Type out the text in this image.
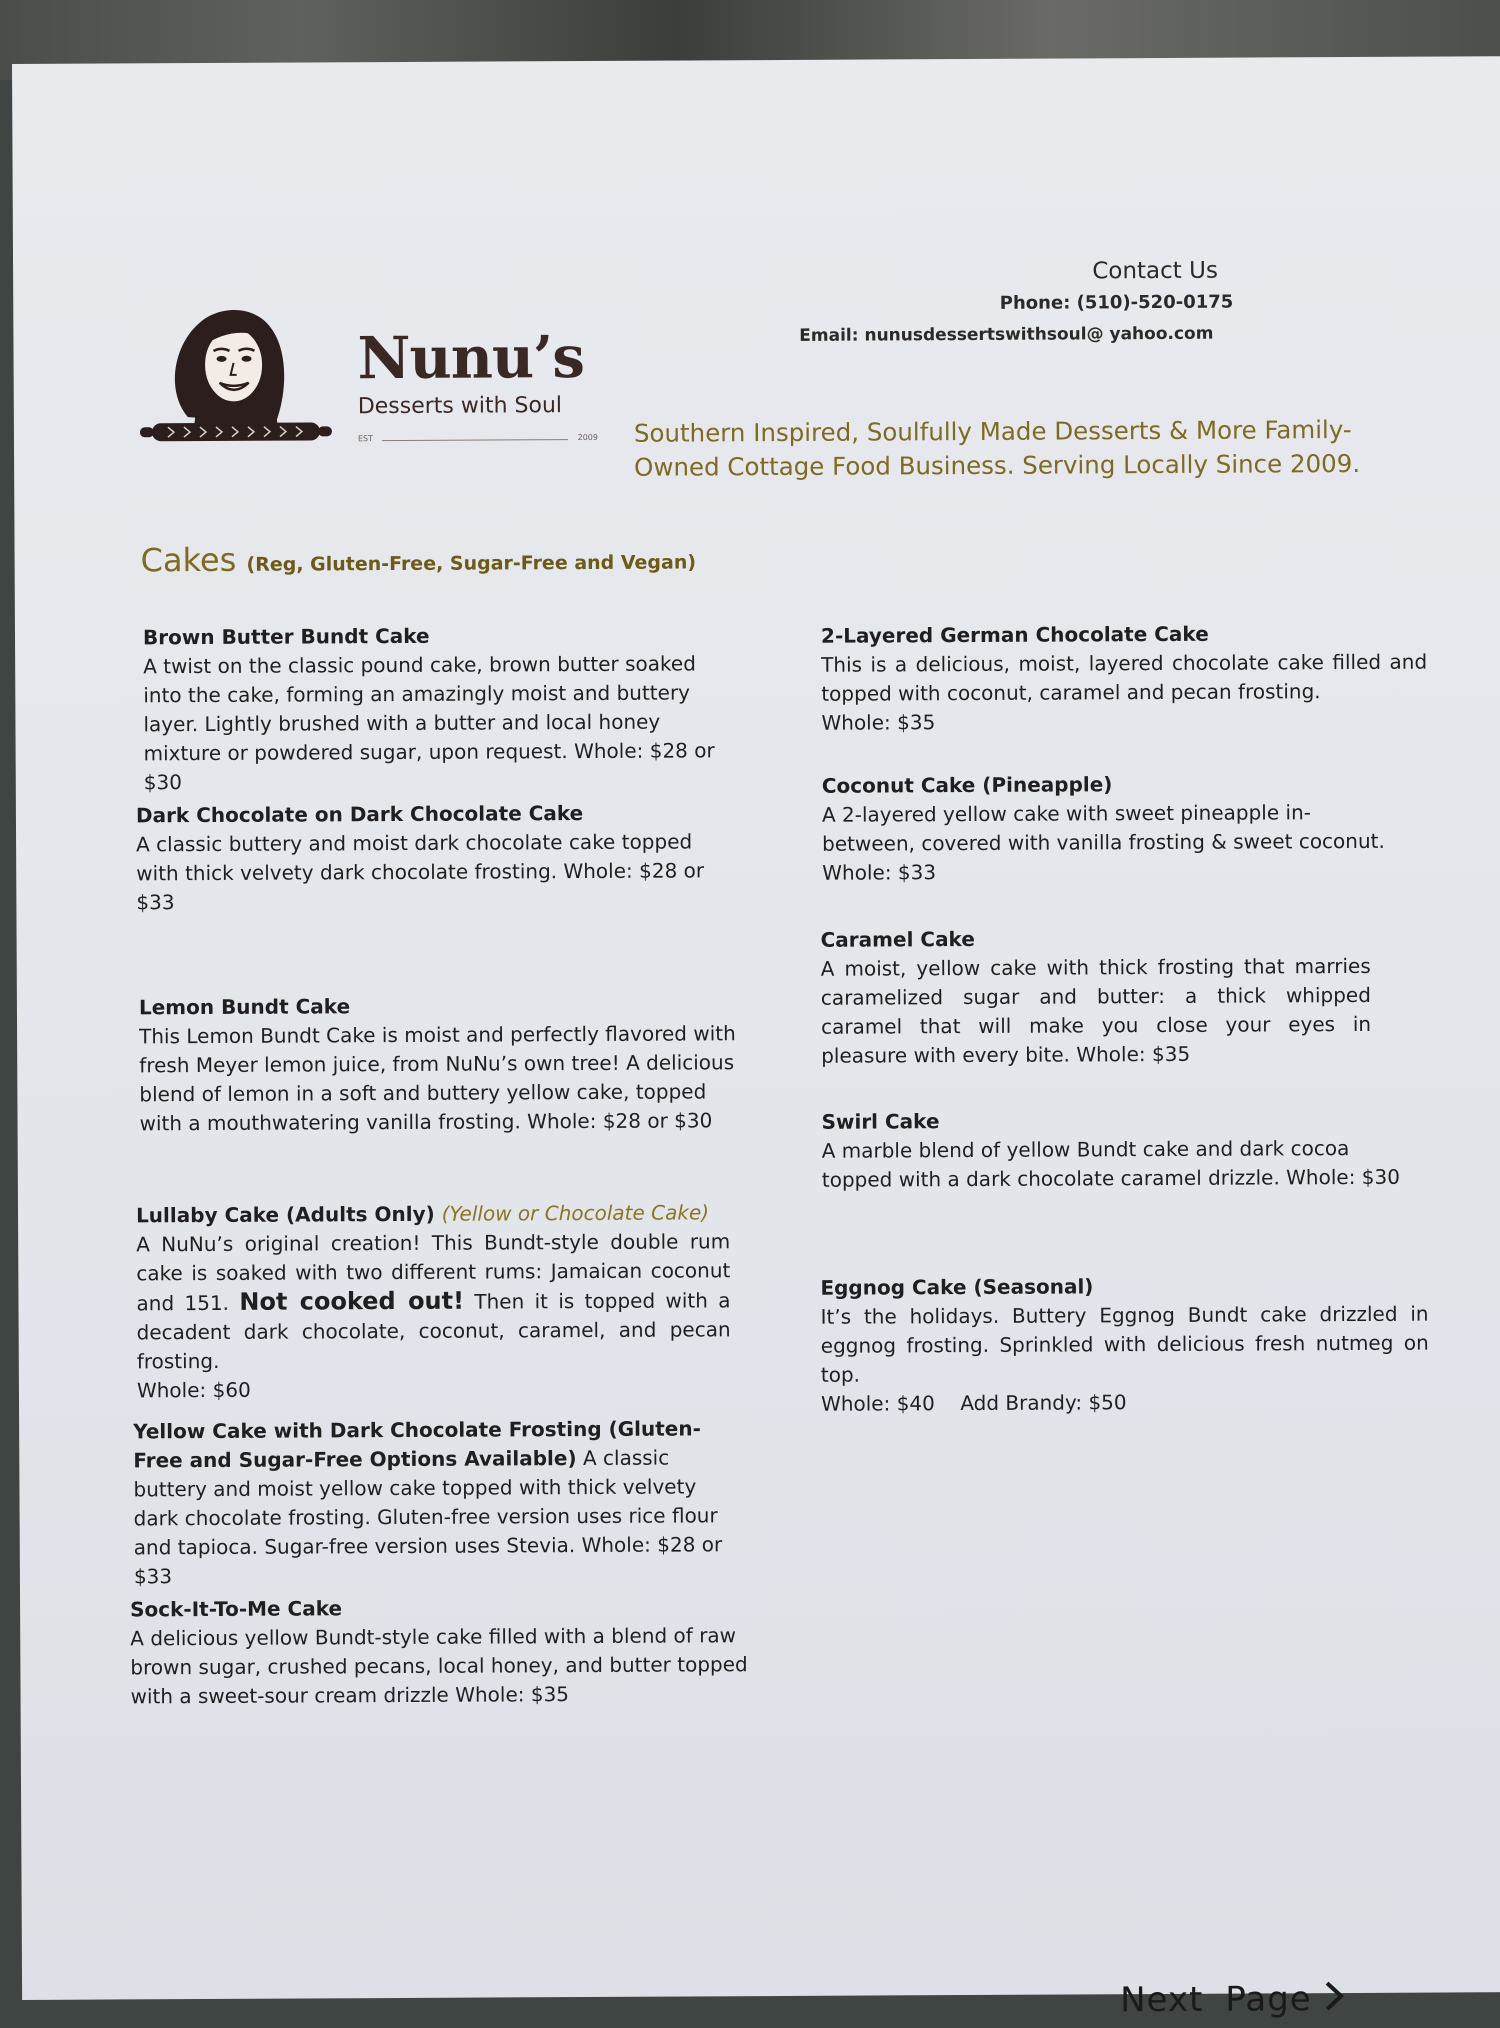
Contact Us
Phone: (510)-520-0175
Email: nunusdessertswithsoul@ yahoo.com
Nunu’s
Desserts with Soul
EST	2009 Southern Inspired, Soulfully Made Desserts & More Family-Owned Cottage Food Business. Serving Locally Since 2009.
Cakes (Reg, Gluten-Free, Sugar-Free and Vegan)
Brown Butter Bundt Cake
A twist on the classic pound cake, brown butter soaked into the cake, forming an amazingly moist and buttery layer. Lightly brushed with a butter and local honey mixture or powdered sugar, upon request. Whole: $28 or $30
Dark Chocolate on Dark Chocolate Cake
A classic buttery and moist dark chocolate cake topped with thick velvety dark chocolate frosting. Whole: $28 or $33
Lemon Bundt Cake
This Lemon Bundt Cake is moist and perfectly flavored with fresh Meyer lemon juice, from NuNu’s own tree! A delicious blend of lemon in a soft and buttery yellow cake, topped with a mouthwatering vanilla frosting. Whole: $28 or $30
Lullaby Cake (Adults Only) (Yellow or Chocolate Cake)
A NuNu’s original creation! This Bundt-style double rum cake is soaked with two different rums: Jamaican coconut and 151. Not cooked out! Then it is topped with a decadent dark chocolate, coconut, caramel, and pecan frosting.
Whole: $60
Yellow Cake with Dark Chocolate Frosting (Gluten-Free and Sugar-Free Options Available) A classic buttery and moist yellow cake topped with thick velvety dark chocolate frosting. Gluten-free version uses rice flour and tapioca. Sugar-free version uses Stevia. Whole: $28 or $33
Sock-It-To-Me Cake
A delicious yellow Bundt-style cake filled with a blend of raw brown sugar, crushed pecans, local honey, and butter topped with a sweet-sour cream drizzle Whole: $35
2-Layered German Chocolate Cake
This is a delicious, moist, layered chocolate cake filled and topped with coconut, caramel and pecan frosting.
Whole: $35
Coconut Cake (Pineapple)
A 2-layered yellow cake with sweet pineapple in-between, covered with vanilla frosting & sweet coconut.
Whole: $33
Caramel Cake
A moist, yellow cake with thick frosting that marries caramelized sugar and butter: a thick whipped caramel that will make you close your eyes in pleasure with every bite. Whole: $35
Swirl Cake
A marble blend of yellow Bundt cake and dark cocoa topped with a dark chocolate caramel drizzle. Whole: $30
Eggnog Cake (Seasonal)
It’s the holidays. Buttery Eggnog Bundt cake drizzled in eggnog frosting. Sprinkled with delicious fresh nutmeg on top.
Whole: $40 Add Brandy: $50
Next Page
